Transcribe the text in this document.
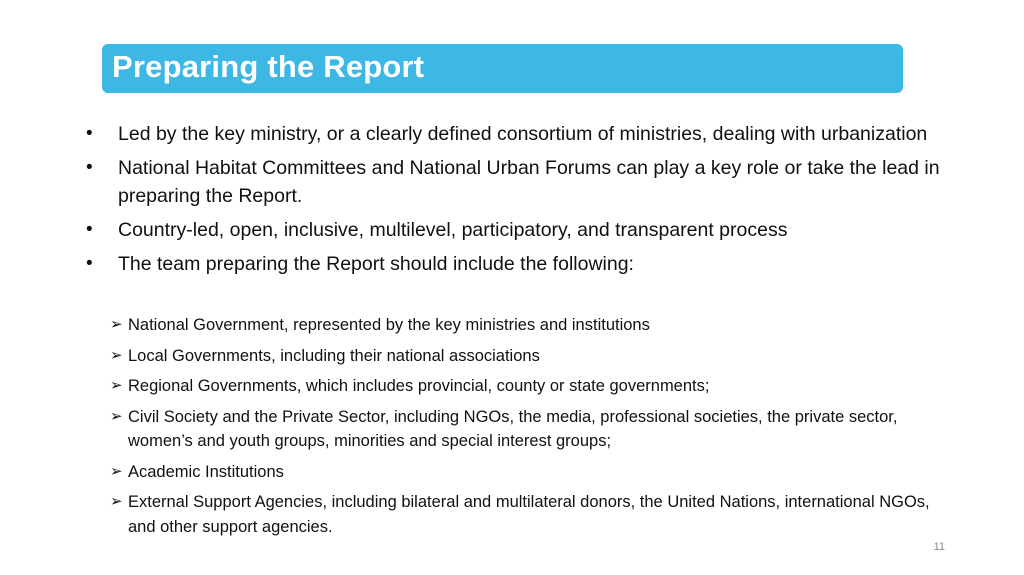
Preparing the Report
• Led by the key ministry, or a clearly defined consortium of ministries, dealing with urbanization
• National Habitat Committees and National Urban Forums can play a key role or take the lead in preparing the Report.
• Country-led, open, inclusive, multilevel, participatory, and transparent process
• The team preparing the Report should include the following:
➢ National Government, represented by the key ministries and institutions
➢ Local Governments, including their national associations
➢ Regional Governments, which includes provincial, county or state governments;
➢ Civil Society and the Private Sector, including NGOs, the media, professional societies, the private sector, women’s and youth groups, minorities and special interest groups;
➢ Academic Institutions
➢ External Support Agencies, including bilateral and multilateral donors, the United Nations, international NGOs, and other support agencies.
11
